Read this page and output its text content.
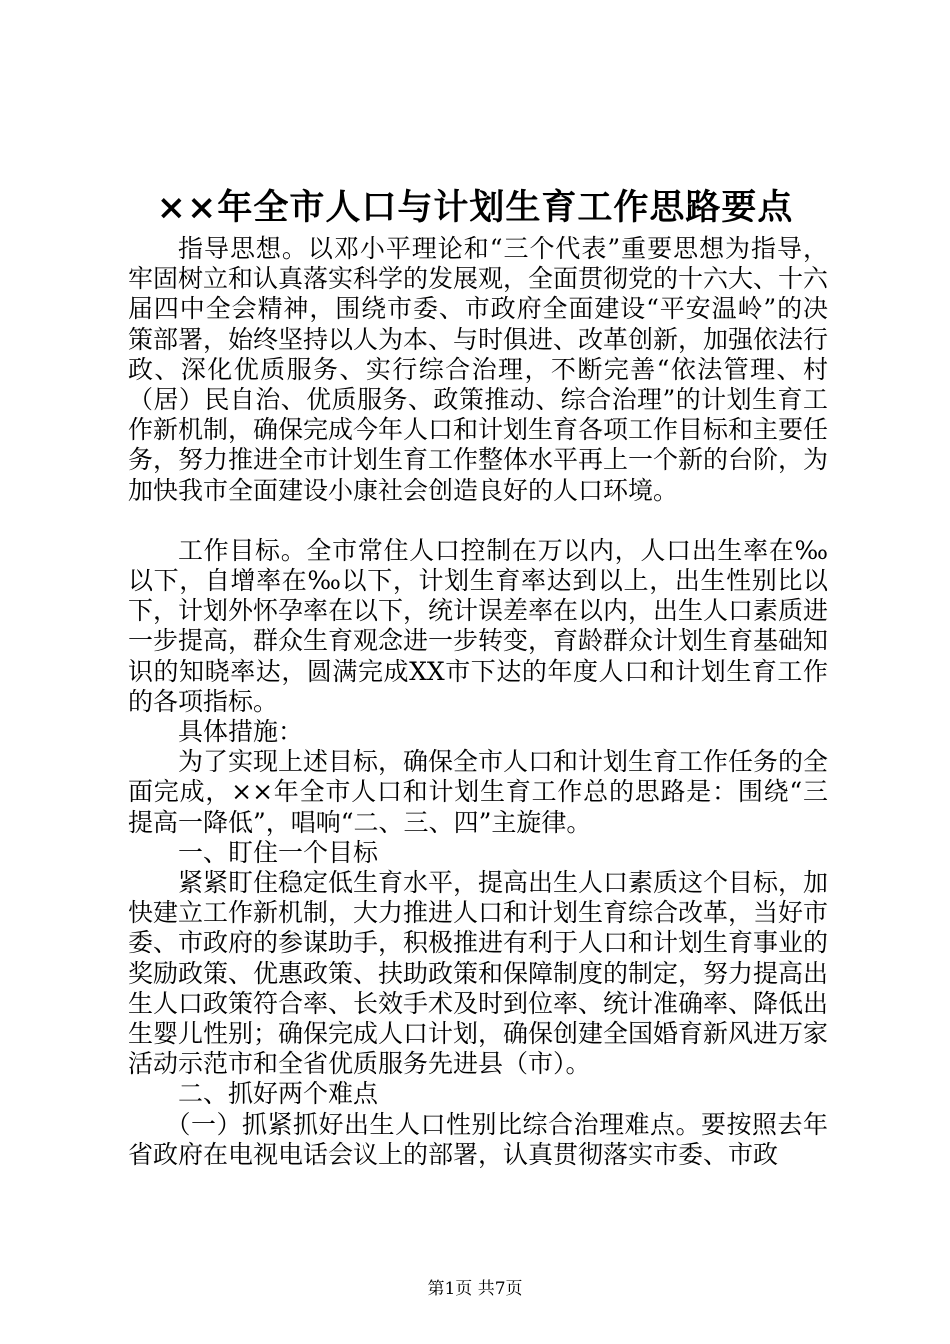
××年全市人口与计划生育工作思路要点

指导思想。以邓小平理论和“三个代表”重要思想为指导，牢固树立和认真落实科学的发展观，全面贯彻党的十六大、十六届四中全会精神，围绕市委、市政府全面建设“平安温岭”的决策部署，始终坚持以人为本、与时俱进、改革创新，加强依法行政、深化优质服务、实行综合治理，不断完善“依法管理、村（居）民自治、优质服务、政策推动、综合治理”的计划生育工作新机制，确保完成今年人口和计划生育各项工作目标和主要任务，努力推进全市计划生育工作整体水平再上一个新的台阶，为加快我市全面建设小康社会创造良好的人口环境。

工作目标。全市常住人口控制在万以内，人口出生率在‰以下，自增率在‰以下，计划生育率达到以上，出生性别比以下，计划外怀孕率在以下，统计误差率在以内，出生人口素质进一步提高，群众生育观念进一步转变，育龄群众计划生育基础知识的知晓率达，圆满完成XX市下达的年度人口和计划生育工作的各项指标。

具体措施：

为了实现上述目标，确保全市人口和计划生育工作任务的全面完成，××年全市人口和计划生育工作总的思路是：围绕“三提高一降低”，唱响“二、三、四”主旋律。

一、盯住一个目标

紧紧盯住稳定低生育水平，提高出生人口素质这个目标，加快建立工作新机制，大力推进人口和计划生育综合改革，当好市委、市政府的参谋助手，积极推进有利于人口和计划生育事业的奖励政策、优惠政策、扶助政策和保障制度的制定，努力提高出生人口政策符合率、长效手术及时到位率、统计准确率、降低出生婴儿性别；确保完成人口计划，确保创建全国婚育新风进万家活动示范市和全省优质服务先进县（市）。

二、抓好两个难点

（一）抓紧抓好出生人口性别比综合治理难点。要按照去年省政府在电视电话会议上的部署，认真贯彻落实市委、市政

第1页 共7页
